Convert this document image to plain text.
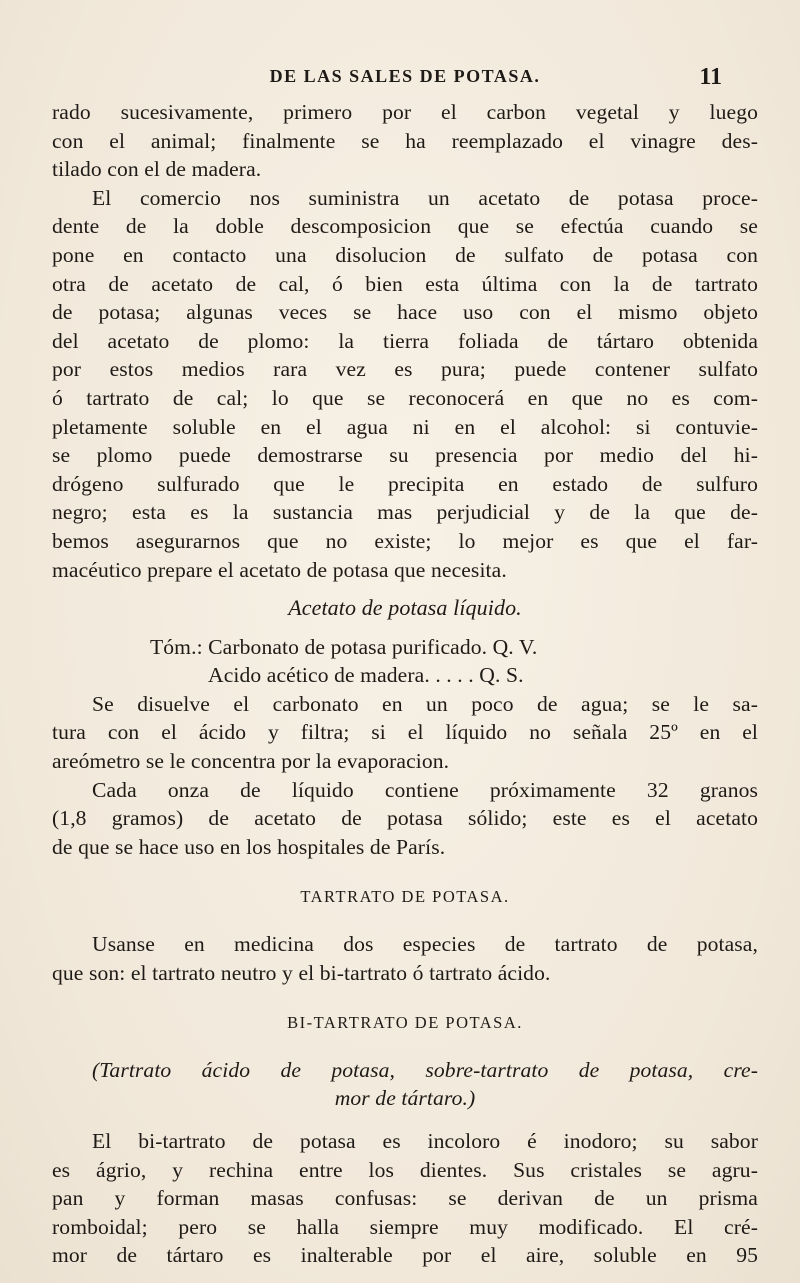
DE LAS SALES DE POTASA.	11

rado sucesivamente, primero por el carbon vegetal y luego

con el animal; finalmente se ha reemplazado el vinagre des-

tilado con el de madera.

El comercio nos suministra un acetato de potasa proce-

dente de la doble descomposicion que se efectúa cuando se

pone en contacto una disolucion de sulfato de potasa con

otra de acetato de cal, ó bien esta última con la de tartrato

de potasa; algunas veces se hace uso con el mismo objeto

del acetato de plomo: la tierra foliada de tártaro obtenida

por estos medios rara vez es pura; puede contener sulfato

ó tartrato de cal; lo que se reconocerá en que no es com-

pletamente soluble en el agua ni en el alcohol: si contuvie-

se plomo puede demostrarse su presencia por medio del hi-

drógeno sulfurado que le precipita en estado de sulfuro

negro; esta es la sustancia mas perjudicial y de la que de-

bemos asegurarnos que no existe; lo mejor es que el far-

macéutico prepare el acetato de potasa que necesita.

Acetato de potasa líquido.

Tóm.: Carbonato de potasa purificado. Q. V.

Acido acético de madera. . . . . Q. S.

Se disuelve el carbonato en un poco de agua; se le sa-

tura con el ácido y filtra; si el líquido no señala 25º en el

areómetro se le concentra por la evaporacion.

Cada onza de líquido contiene próximamente 32 granos

(1,8 gramos) de acetato de potasa sólido; este es el acetato

de que se hace uso en los hospitales de París.

TARTRATO DE POTASA.

Usanse en medicina dos especies de tartrato de potasa,

que son: el tartrato neutro y el bi-tartrato ó tartrato ácido.

BI-TARTRATO DE POTASA.

(Tartrato ácido de potasa, sobre-tartrato de potasa, cre-

mor de tártaro.)

El bi-tartrato de potasa es incoloro é inodoro; su sabor

es ágrio, y rechina entre los dientes. Sus cristales se agru-

pan y forman masas confusas: se derivan de un prisma

romboidal; pero se halla siempre muy modificado. El cré-

mor de tártaro es inalterable por el aire, soluble en 95
